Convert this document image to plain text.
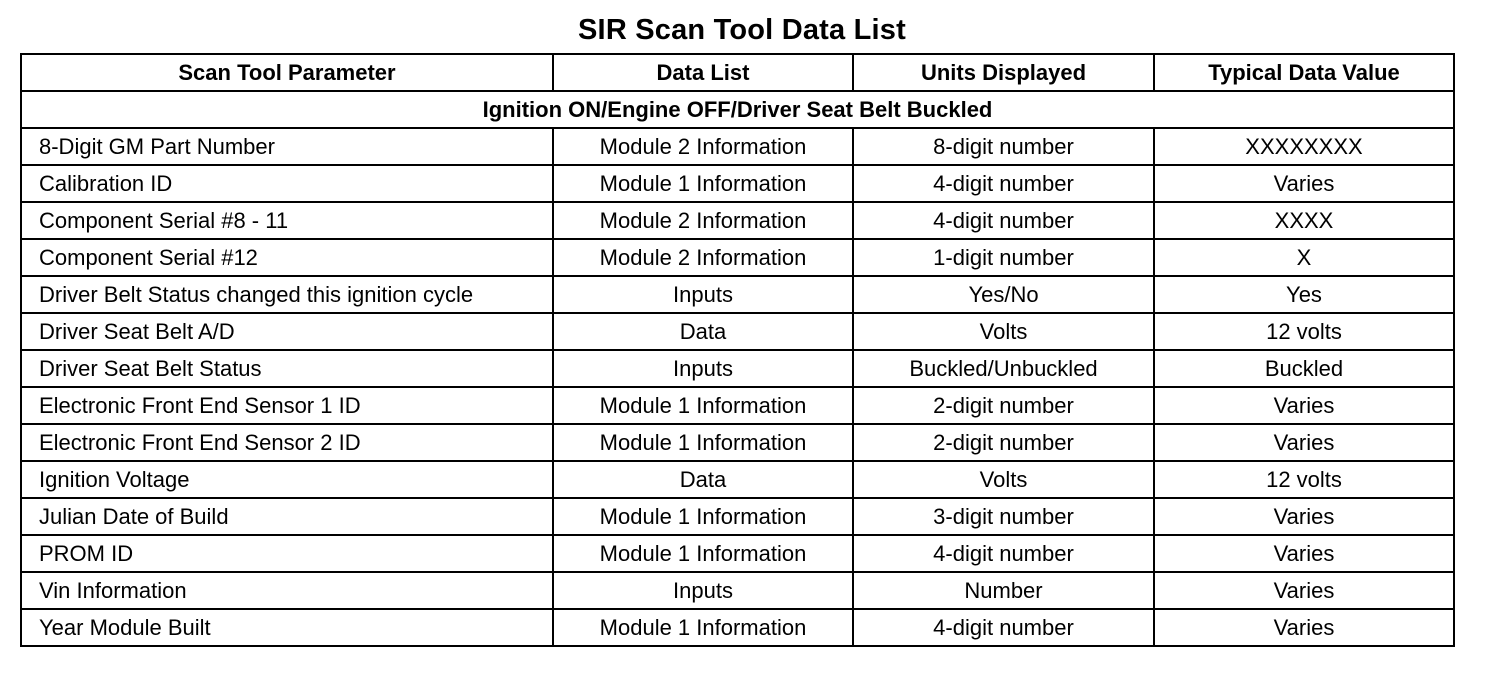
SIR Scan Tool Data List
Scan Tool Parameter	Data List	Units Displayed	Typical Data Value
Ignition ON/Engine OFF/Driver Seat Belt Buckled			
8-Digit GM Part Number	Module 2 Information	8-digit number	XXXXXXXX
Calibration ID	Module 1 Information	4-digit number	Varies
Component Serial #8 - 11	Module 2 Information	4-digit number	XXXX
Component Serial #12	Module 2 Information	1-digit number	X
Driver Belt Status changed this ignition cycle	Inputs	Yes/No	Yes
Driver Seat Belt A/D	Data	Volts	12 volts
Driver Seat Belt Status	Inputs	Buckled/Unbuckled	Buckled
Electronic Front End Sensor 1 ID	Module 1 Information	2-digit number	Varies
Electronic Front End Sensor 2 ID	Module 1 Information	2-digit number	Varies
Ignition Voltage	Data	Volts	12 volts
Julian Date of Build	Module 1 Information	3-digit number	Varies
PROM ID	Module 1 Information	4-digit number	Varies
Vin Information	Inputs	Number	Varies
Year Module Built	Module 1 Information	4-digit number	Varies
